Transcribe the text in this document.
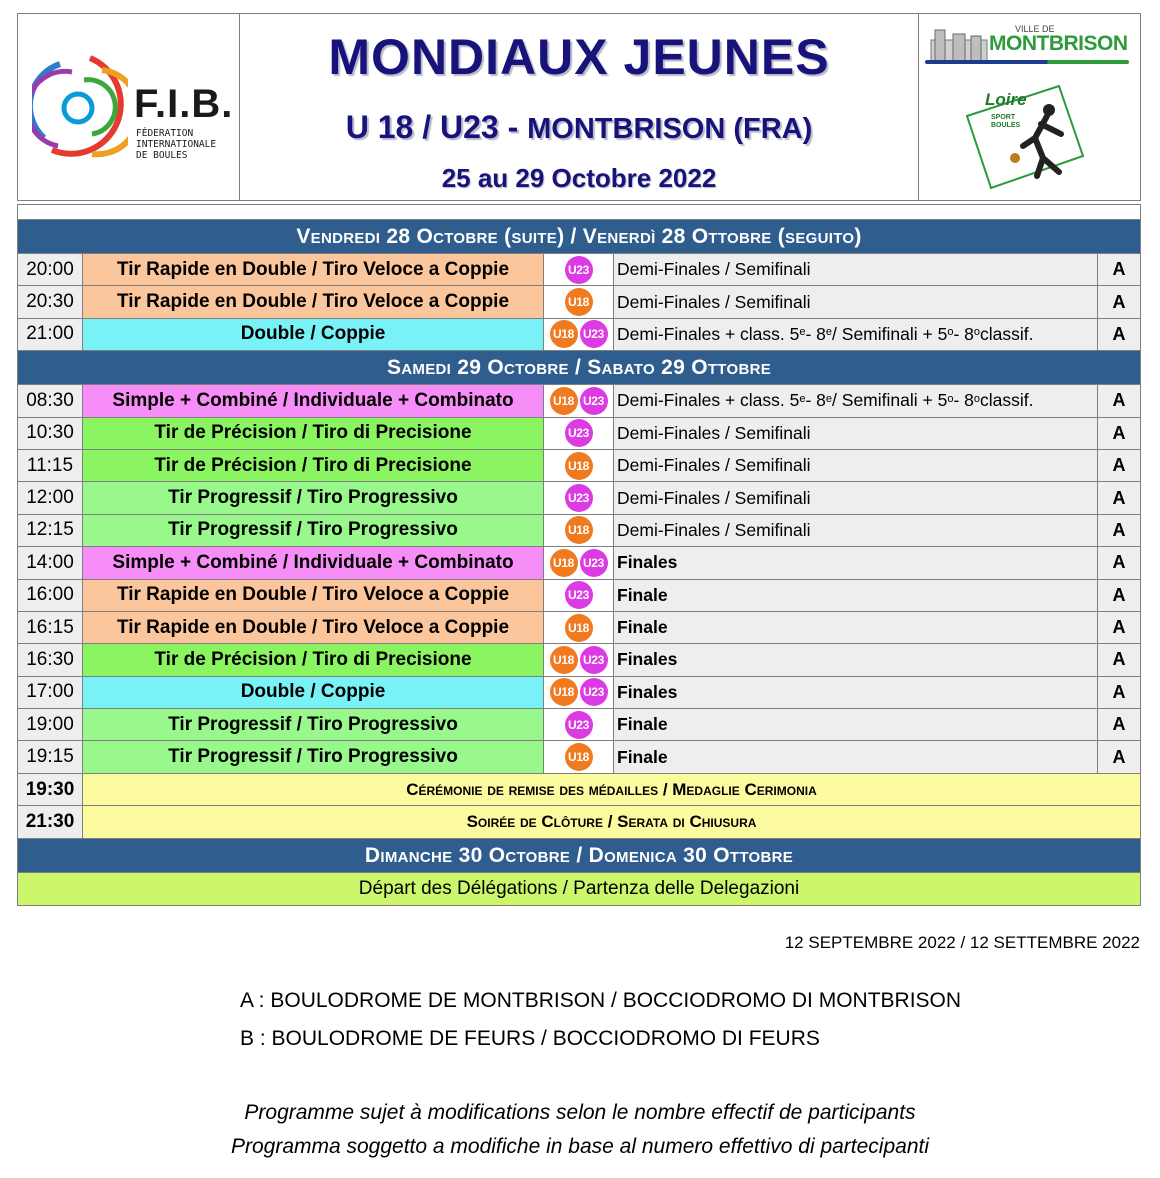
F.I.B.
FÉDERATION
INTERNATIONALE
DE BOULES
MONDIAUX JEUNES
U 18 / U23 - MONTBRISON (FRA)
25 au 29 Octobre 2022
VILLE DE
MONTBRISON
Loire
SPORT
BOULES
Vendredi 28 Octobre (suite) / Venerdì 28 Ottobre (seguito)
20:00	Tir Rapide en Double / Tiro Veloce a Coppie	U23 Demi-Finales / Semifinali	A
20:30	Tir Rapide en Double / Tiro Veloce a Coppie	U18 Demi-Finales / Semifinali	A
21:00	Double / Coppie	U18 U23 Demi-Finales + class. 5e - 8e / Semifinali + $5^o - 8^o$ classif.	A
Samedi 29 Octobre / Sabato 29 Ottobre
08:30	Simple + Combiné / Individuale + Combinato	U18 U23 Demi-Finales + class. 5e - 8e / Semifinali + $5^o - 8^o$ classif.	A
10:30	Tir de Précision / Tiro di Precisione	U23 Demi-Finales / Semifinali	A
11:15	Tir de Précision / Tiro di Precisione	U18 Demi-Finales / Semifinali	A
12:00	Tir Progressif / Tiro Progressivo	U23 Demi-Finales / Semifinali	A
12:15	Tir Progressif / Tiro Progressivo	U18 Demi-Finales / Semifinali	A
14:00	Simple + Combiné / Individuale + Combinato	U18 U23 Finales	A
16:00	Tir Rapide en Double / Tiro Veloce a Coppie	U23 Finale	A
16:15	Tir Rapide en Double / Tiro Veloce a Coppie	U18 Finale	A
16:30	Tir de Précision / Tiro di Precisione	U18 U23 Finales	A
17:00	Double / Coppie	U18 U23 Finales	A
19:00	Tir Progressif / Tiro Progressivo	U23 Finale	A
19:15	Tir Progressif / Tiro Progressivo	U18 Finale	A
19:30	Cérémonie de remise des médailles / Medaglie Cerimonia
21:30	Soirée de Clôture / Serata di Chiusura
Dimanche 30 Octobre / Domenica 30 Ottobre
Départ des Délégations / Partenza delle Delegazioni
12 SEPTEMBRE 2022 / 12 SETTEMBRE 2022
A : BOULODROME DE MONTBRISON / BOCCIODROMO DI MONTBRISON
B : BOULODROME DE FEURS / BOCCIODROMO DI FEURS
Programme sujet à modifications selon le nombre effectif de participants
Programma soggetto a modifiche in base al numero effettivo di partecipanti
